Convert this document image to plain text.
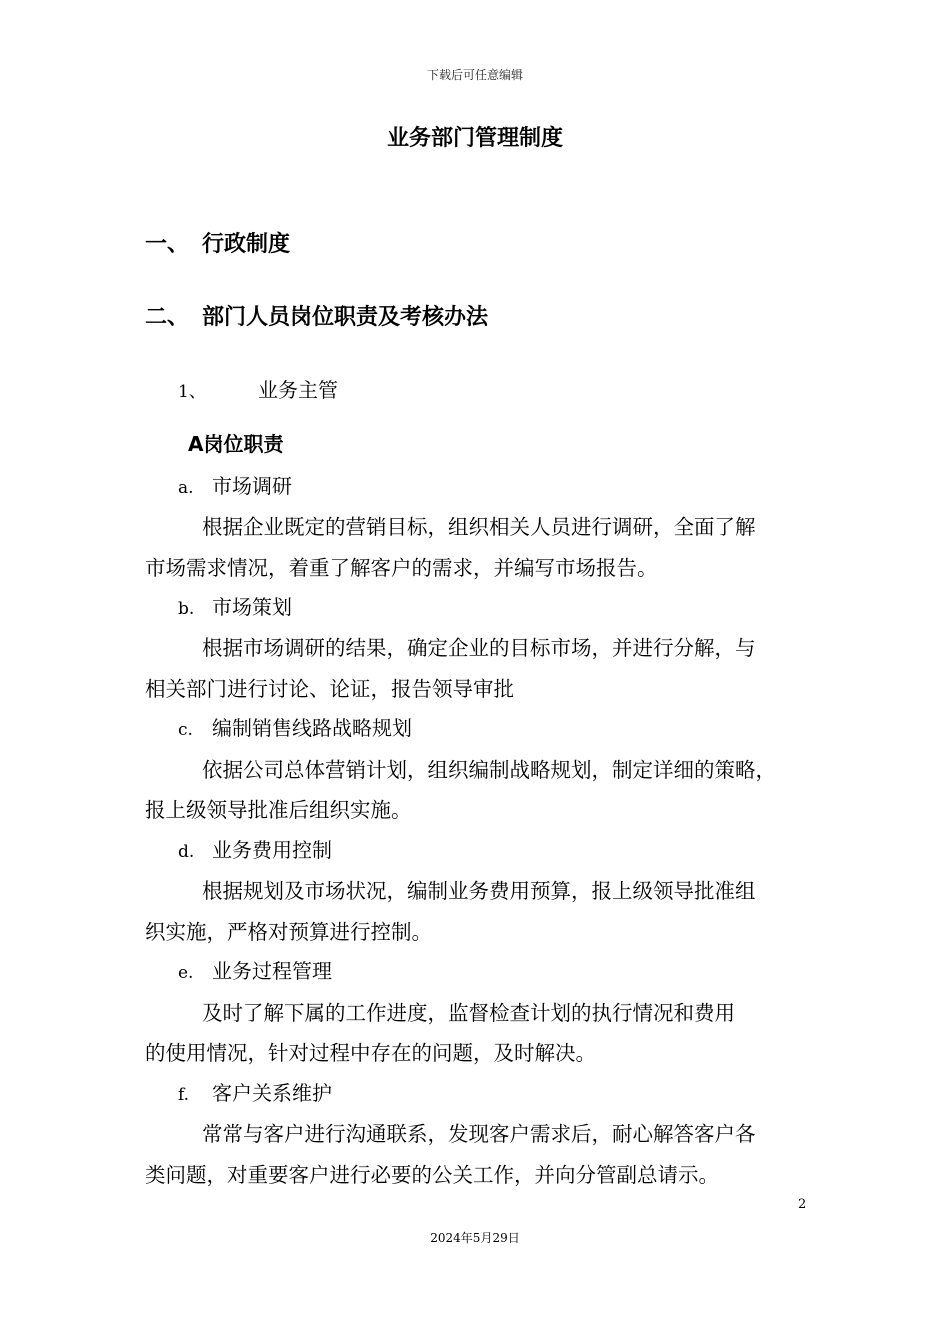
下载后可任意编辑
业务部门管理制度
一、 行政制度
二、 部门人员岗位职责及考核办法
1、	业务主管
A岗位职责
a. 市场调研
根据企业既定的营销目标，组织相关人员进行调研，全面了解
市场需求情况，着重了解客户的需求，并编写市场报告。
b. 市场策划
根据市场调研的结果，确定企业的目标市场，并进行分解，与
相关部门进行讨论、论证，报告领导审批
c. 编制销售线路战略规划
依据公司总体营销计划，组织编制战略规划，制定详细的策略，
报上级领导批准后组织实施。
d. 业务费用控制
根据规划及市场状况，编制业务费用预算，报上级领导批准组
织实施，严格对预算进行控制。
e. 业务过程管理
及时了解下属的工作进度，监督检查计划的执行情况和费用
的使用情况，针对过程中存在的问题，及时解决。
f. 客户关系维护
常常与客户进行沟通联系，发现客户需求后，耐心解答客户各
类问题，对重要客户进行必要的公关工作，并向分管副总请示。
2
2024年5月29日
